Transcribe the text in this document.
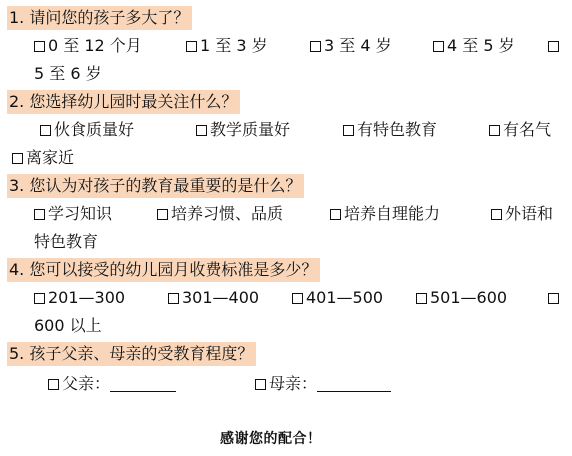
1. 请问您的孩子多大了？
0 至 12 个月	1 至 3 岁	3 至 4 岁	4 至 5 岁
5 至 6 岁
2. 您选择幼儿园时最关注什么？
伙食质量好	教学质量好	有特色教育	有名气
离家近
3. 您认为对孩子的教育最重要的是什么？
学习知识	培养习惯、品质	培养自理能力	外语和
特色教育
4. 您可以接受的幼儿园月收费标准是多少？
201—300	301—400	401—500	501—600
600 以上
5. 孩子父亲、母亲的受教育程度？
父亲：	母亲：
感谢您的配合！
